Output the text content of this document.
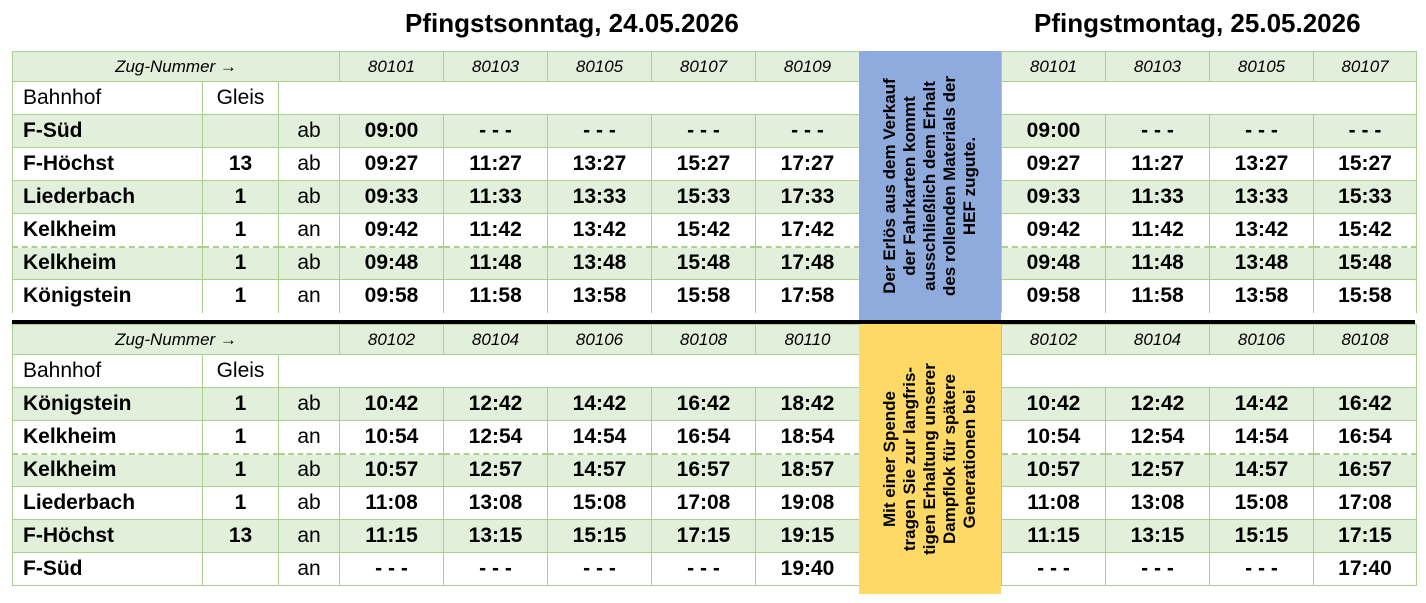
Pfingstsonntag, 24.05.2026	Pfingstmontag, 25.05.2026
Zug-Nummer →			80101	80103	80105	80107	80109		80101	80103	80105	80107
Bahnhof	Gleis											
F-Süd		ab	09:00	- - -	- - -	- - -	- - -		09:00	- - -	- - -	- - -
F-Höchst	13	ab	09:27	11:27	13:27	15:27	17:27		09:27	11:27	13:27	15:27
Liederbach	1	ab	09:33	11:33	13:33	15:33	17:33		09:33	11:33	13:33	15:33
Kelkheim	1	an	09:42	11:42	13:42	15:42	17:42		09:42	11:42	13:42	15:42
Kelkheim	1	ab	09:48	11:48	13:48	15:48	17:48		09:48	11:48	13:48	15:48
Königstein	1	an	09:58	11:58	13:58	15:58	17:58		09:58	11:58	13:58	15:58
Zug-Nummer →			80102	80104	80106	80108	80110		80102	80104	80106	80108
Bahnhof	Gleis											
Königstein	1	ab	10:42	12:42	14:42	16:42	18:42		10:42	12:42	14:42	16:42
Kelkheim	1	an	10:54	12:54	14:54	16:54	18:54		10:54	12:54	14:54	16:54
Kelkheim	1	ab	10:57	12:57	14:57	16:57	18:57		10:57	12:57	14:57	16:57
Liederbach	1	ab	11:08	13:08	15:08	17:08	19:08		11:08	13:08	15:08	17:08
F-Höchst	13	an	11:15	13:15	15:15	17:15	19:15		11:15	13:15	15:15	17:15
F-Süd		an	- - -	- - -	- - -	- - -	19:40		- - -	- - -	- - -	17:40
Der Erlös aus dem Verkauf
der Fahrkarten kommt
ausschließlich dem Erhalt
des rollenden Materials der
HEF zugute.
Mit einer Spende
tragen Sie zur langfris-
tigen Erhaltung unserer
Dampflok für spätere
Generationen bei
